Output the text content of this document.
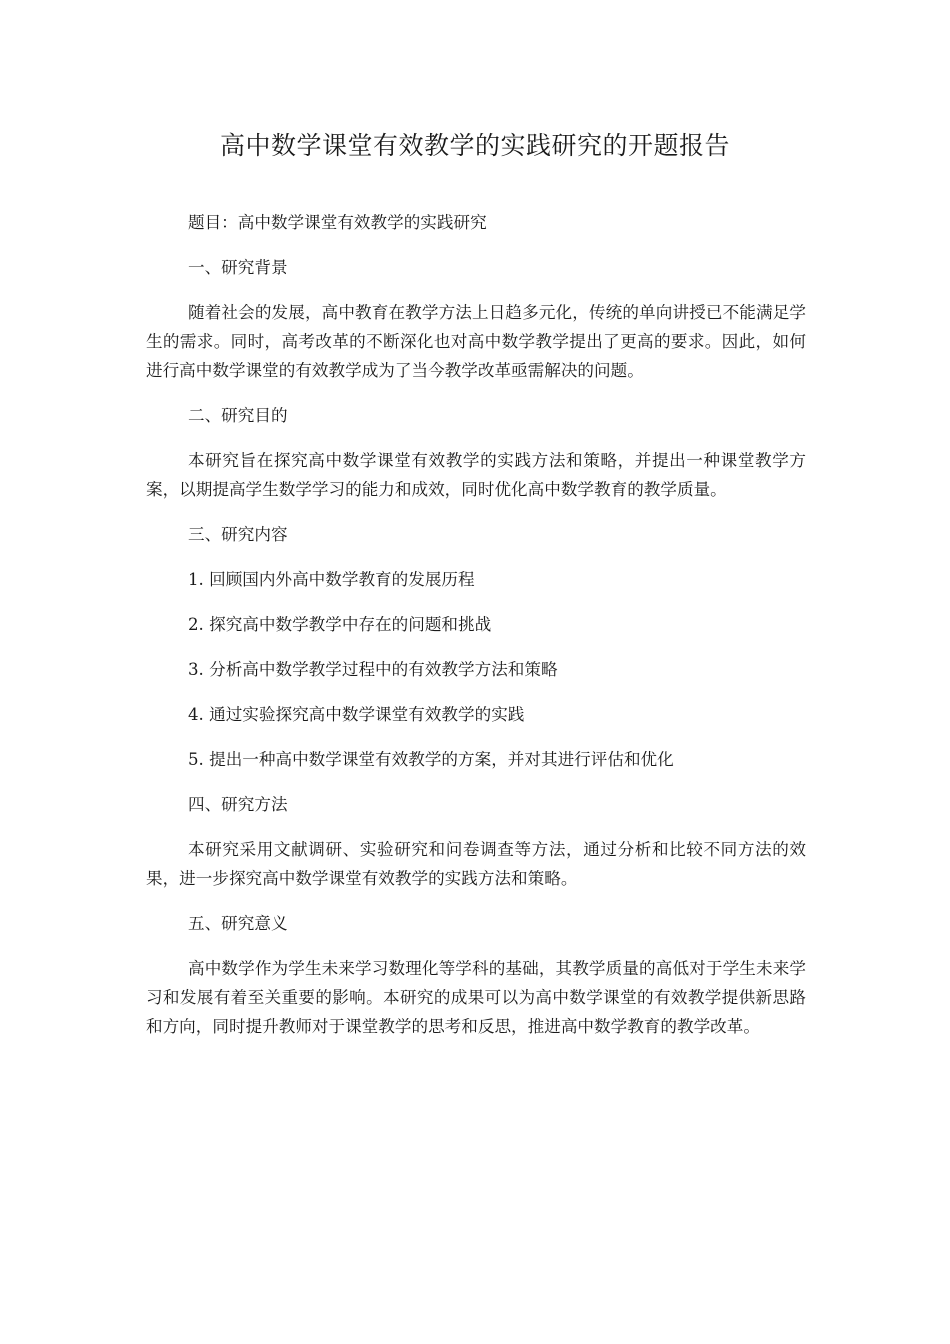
高中数学课堂有效教学的实践研究的开题报告

题目：高中数学课堂有效教学的实践研究

一、研究背景

随着社会的发展，高中教育在教学方法上日趋多元化，传统的单向讲授已不能满足学生的需求。同时，高考改革的不断深化也对高中数学教学提出了更高的要求。因此，如何进行高中数学课堂的有效教学成为了当今教学改革亟需解决的问题。

二、研究目的

本研究旨在探究高中数学课堂有效教学的实践方法和策略，并提出一种课堂教学方案，以期提高学生数学学习的能力和成效，同时优化高中数学教育的教学质量。

三、研究内容

1. 回顾国内外高中数学教育的发展历程

2. 探究高中数学教学中存在的问题和挑战

3. 分析高中数学教学过程中的有效教学方法和策略

4. 通过实验探究高中数学课堂有效教学的实践

5. 提出一种高中数学课堂有效教学的方案，并对其进行评估和优化

四、研究方法

本研究采用文献调研、实验研究和问卷调查等方法，通过分析和比较不同方法的效果，进一步探究高中数学课堂有效教学的实践方法和策略。

五、研究意义

高中数学作为学生未来学习数理化等学科的基础，其教学质量的高低对于学生未来学习和发展有着至关重要的影响。本研究的成果可以为高中数学课堂的有效教学提供新思路和方向，同时提升教师对于课堂教学的思考和反思，推进高中数学教育的教学改革。
